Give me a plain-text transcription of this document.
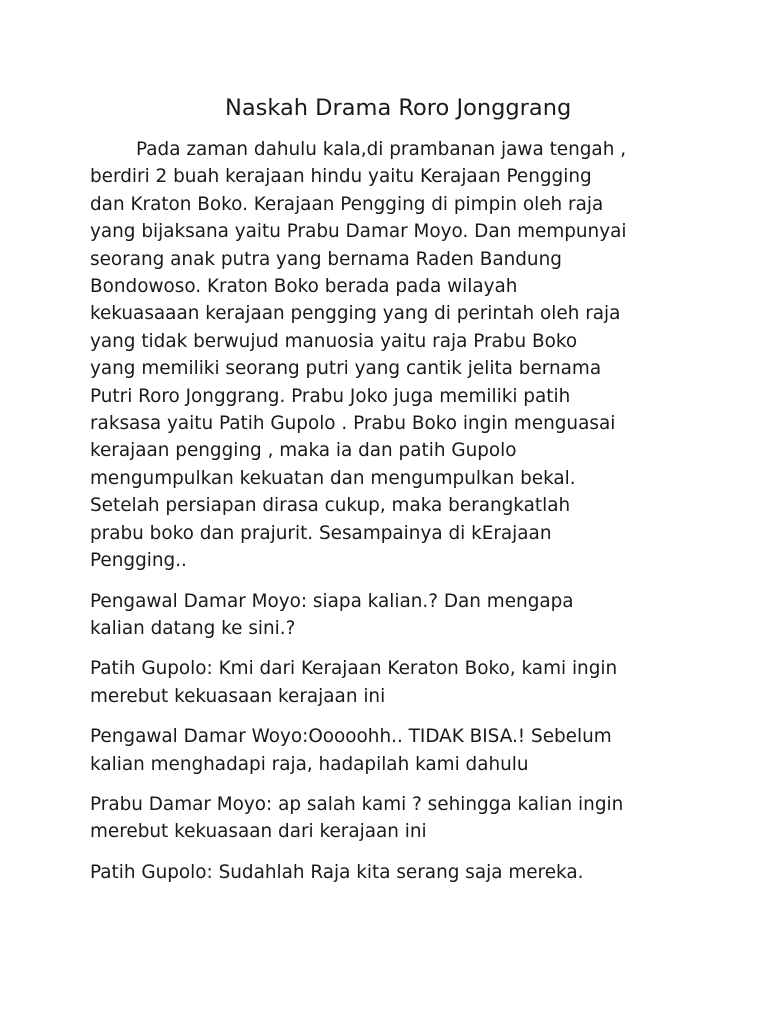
Naskah Drama Roro Jonggrang

Pada zaman dahulu kala,di prambanan jawa tengah ,
berdiri 2 buah kerajaan hindu yaitu Kerajaan Pengging
dan Kraton Boko. Kerajaan Pengging di pimpin oleh raja
yang bijaksana yaitu Prabu Damar Moyo. Dan mempunyai
seorang anak putra yang bernama Raden Bandung
Bondowoso. Kraton Boko berada pada wilayah
kekuasaaan kerajaan pengging yang di perintah oleh raja
yang tidak berwujud manuosia yaitu raja Prabu Boko
yang memiliki seorang putri yang cantik jelita bernama
Putri Roro Jonggrang. Prabu Joko juga memiliki patih
raksasa yaitu Patih Gupolo . Prabu Boko ingin menguasai
kerajaan pengging , maka ia dan patih Gupolo
mengumpulkan kekuatan dan mengumpulkan bekal.
Setelah persiapan dirasa cukup, maka berangkatlah
prabu boko dan prajurit. Sesampainya di kErajaan
Pengging..

Pengawal Damar Moyo: siapa kalian.? Dan mengapa
kalian datang ke sini.?

Patih Gupolo: Kmi dari Kerajaan Keraton Boko, kami ingin
merebut kekuasaan kerajaan ini

Pengawal Damar Woyo:Ooooohh.. TIDAK BISA.! Sebelum
kalian menghadapi raja, hadapilah kami dahulu

Prabu Damar Moyo: ap salah kami ? sehingga kalian ingin
merebut kekuasaan dari kerajaan ini

Patih Gupolo: Sudahlah Raja kita serang saja mereka.
